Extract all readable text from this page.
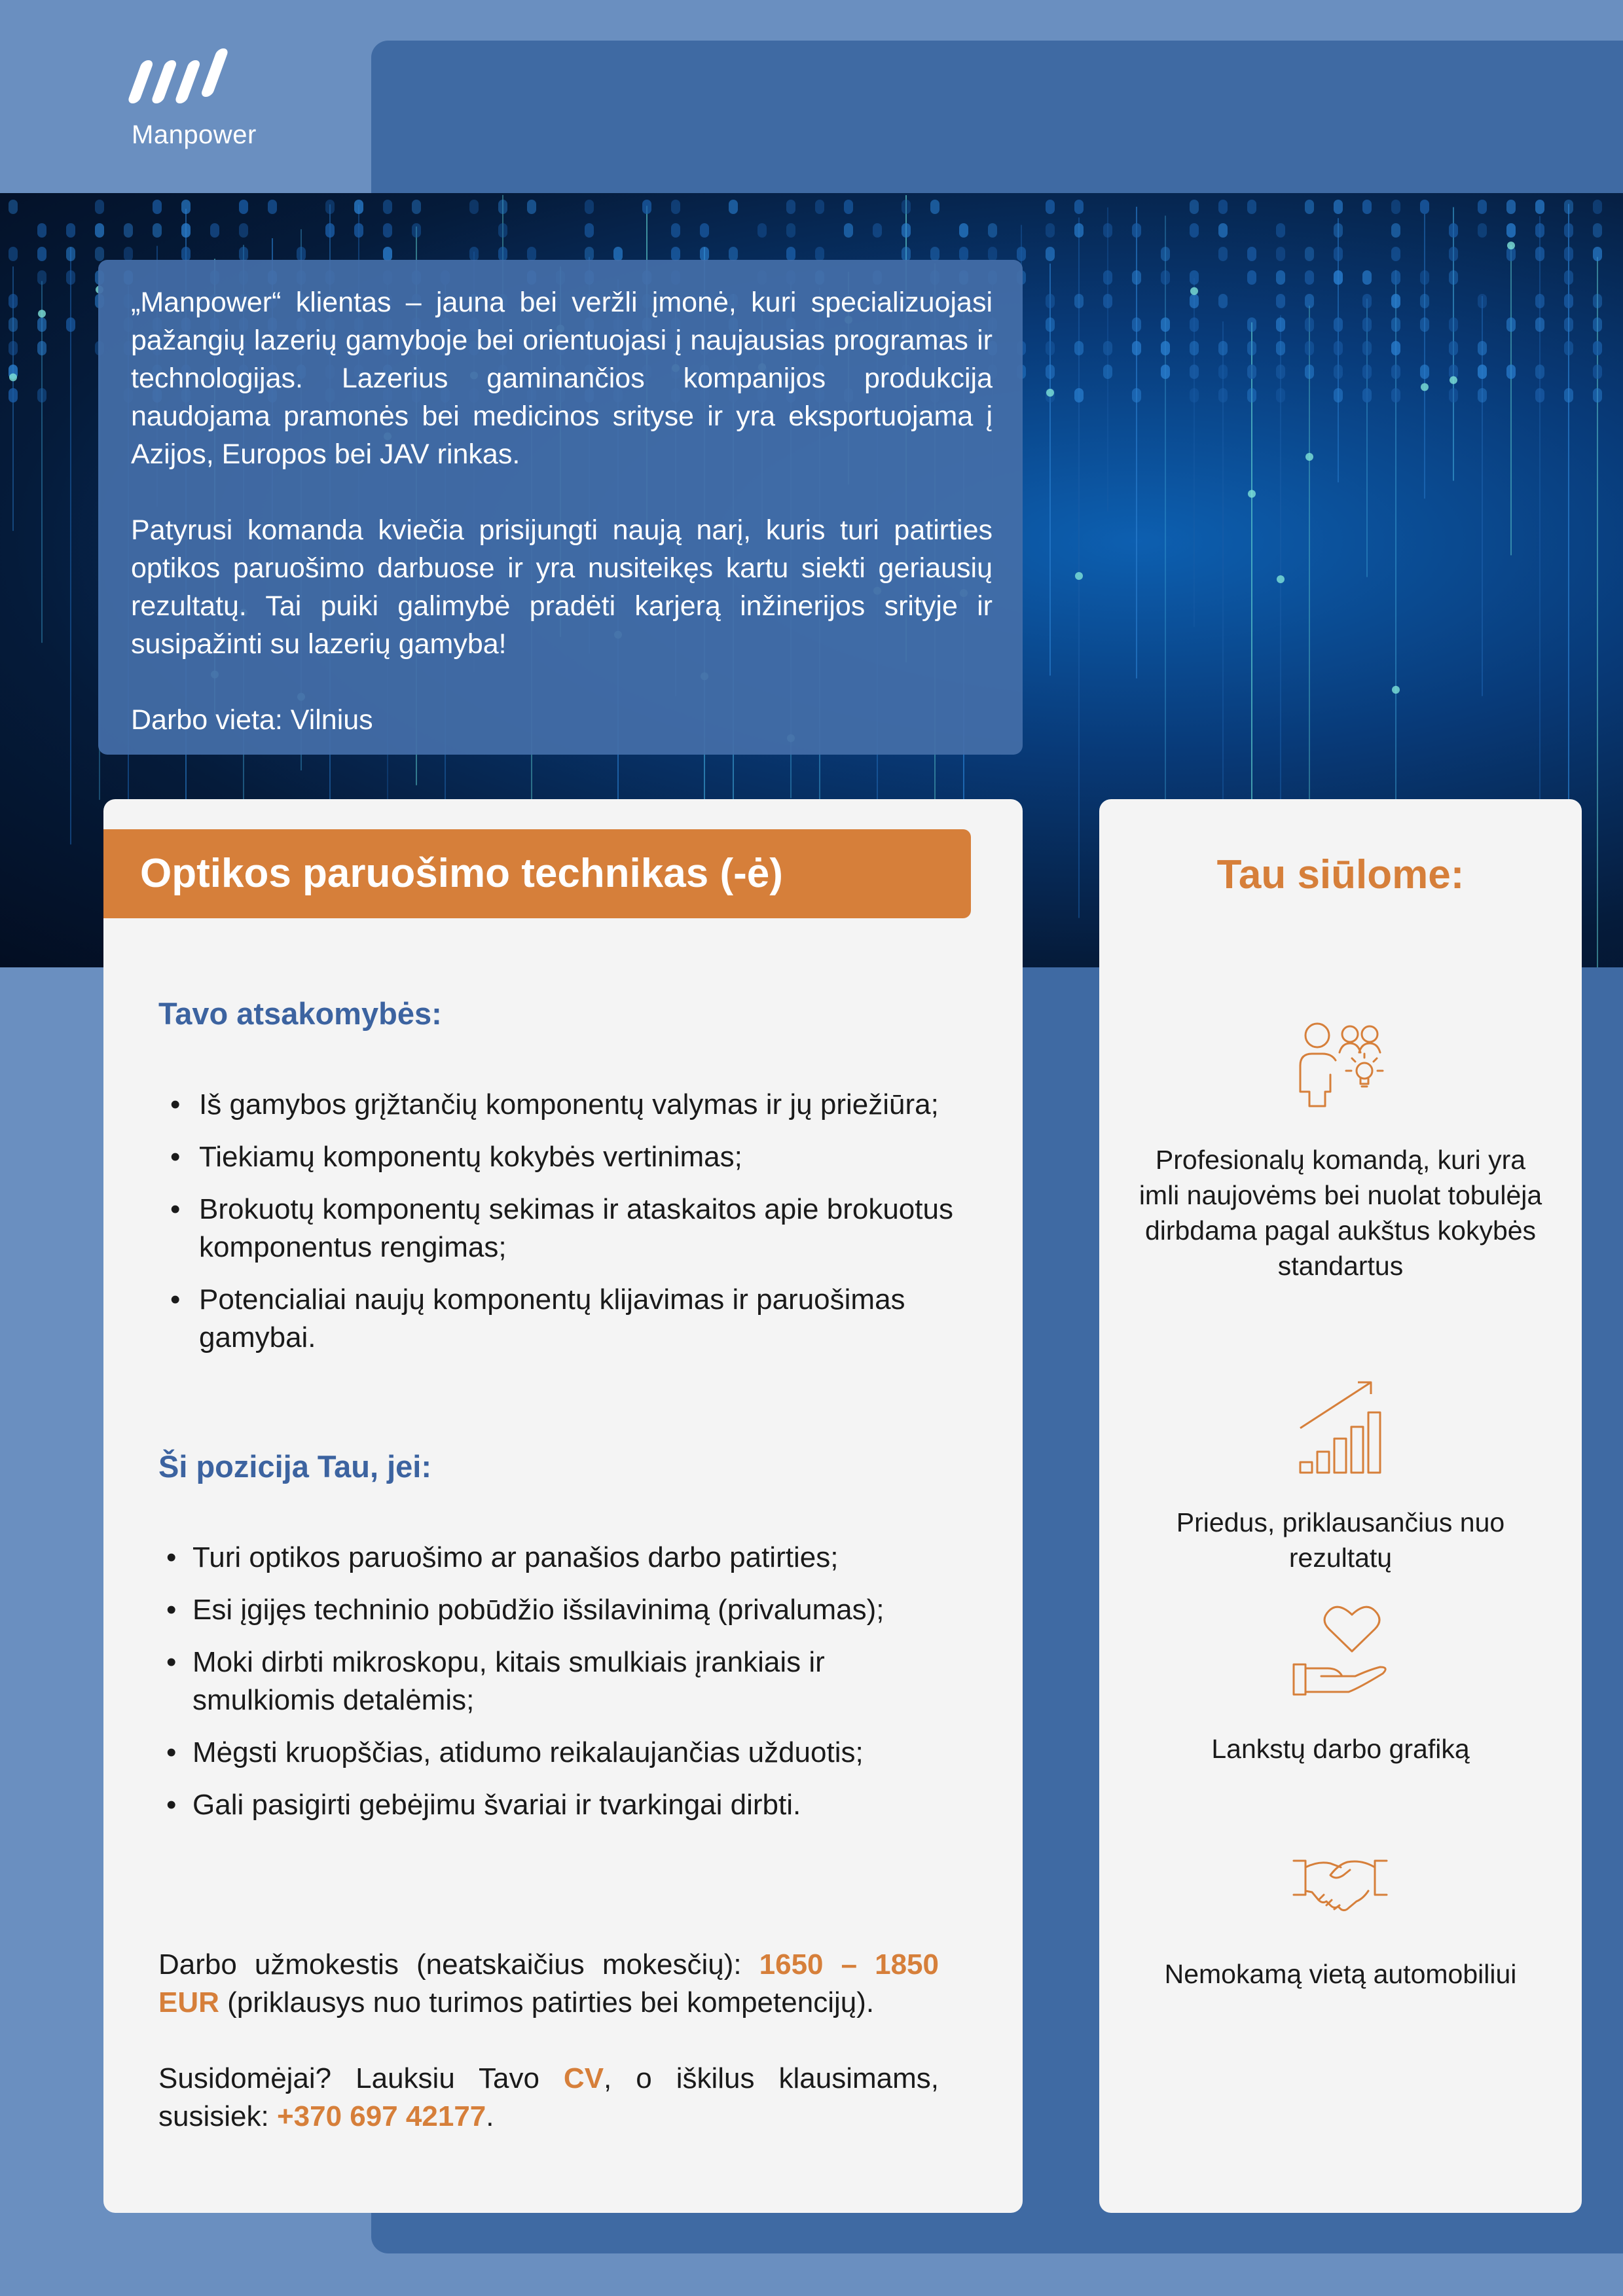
Manpower

„Manpower“ klientas – jauna bei veržli įmonė, kuri specializuojasi pažangių lazerių gamyboje bei orientuojasi į naujausias programas ir technologijas. Lazerius gaminančios kompanijos produkcija naudojama pramonės bei medicinos srityse ir yra eksportuojama į Azijos, Europos bei JAV rinkas.

Patyrusi komanda kviečia prisijungti naują narį, kuris turi patirties optikos paruošimo darbuose ir yra nusiteikęs kartu siekti geriausių rezultatų. Tai puiki galimybė pradėti karjerą inžinerijos srityje ir susipažinti su lazerių gamyba!

Darbo vieta: Vilnius

Optikos paruošimo technikas (-ė)
Tavo atsakomybės:
• Iš gamybos grįžtančių komponentų valymas ir jų priežiūra;
• Tiekiamų komponentų kokybės vertinimas;
• Brokuotų komponentų sekimas ir ataskaitos apie brokuotus komponentus rengimas;
• Potencialiai naujų komponentų klijavimas ir paruošimas gamybai.
Ši pozicija Tau, jei:
• Turi optikos paruošimo ar panašios darbo patirties;
• Esi įgijęs techninio pobūdžio išsilavinimą (privalumas);
• Moki dirbti mikroskopu, kitais smulkiais įrankiais ir smulkiomis detalėmis;
• Mėgsti kruopščias, atidumo reikalaujančias užduotis;
• Gali pasigirti gebėjimu švariai ir tvarkingai dirbti.

Darbo užmokestis (neatskaičius mokesčių): 1650 – 1850 EUR (priklausys nuo turimos patirties bei kompetencijų).

Susidomėjai? Lauksiu Tavo CV, o iškilus klausimams, susisiek: +370 697 42177.

Tau siūlome:
Profesionalų komandą, kuri yra imli naujovėms bei nuolat tobulėja dirbdama pagal aukštus kokybės standartus
Priedus, priklausančius nuo rezultatų
Lankstų darbo grafiką
Nemokamą vietą automobiliui
